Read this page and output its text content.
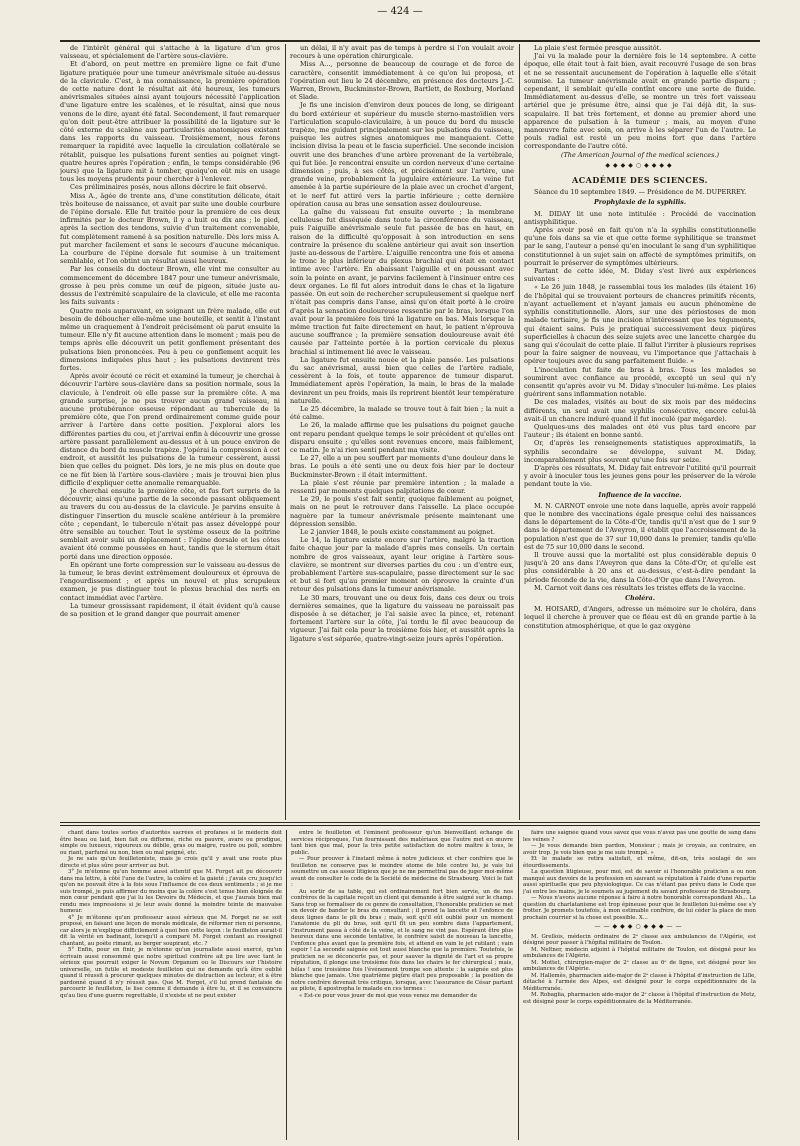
— 424 —

de l'intérêt général qui s'attache à la ligature d'un gros vaisseau, et spécialement de l'artère sous-clavière.

Et d'abord, on peut mettre en première ligne ce fait d'une ligature pratiquée pour une tumeur anévrismale située au-dessus de la clavicule. C'est, à ma connaissance, la première opération de cette nature dont le résultat ait été heureux, les tumeurs anévrismales situées ainsi ayant toujours nécessité l'application d'une ligature entre les scalènes, et le résultat, ainsi que nous venons de le dire, ayant été fatal. Secondement, il faut remarquer qu'on doit peut-être attribuer la possibilité de la ligature sur le côté externe du scalène aux particularités anatomiques existant dans les rapports du vaisseau. Troisièmement, nous ferons remarquer la rapidité avec laquelle la circulation collatérale se rétablit, puisque les pulsations furent senties au poignet vingt-quatre heures après l'opération ; enfin, le temps considérable (96 jours) que la ligature mit à tomber, quoiqu'on eût mis en usage tous les moyens prudents pour chercher à l'enlever.

Ces préliminaires posés, nous allons décrire le fait observé.

Miss A., âgée de trente ans, d'une constitution délicate, était très boiteuse de naissance, et avait par suite une double courbure de l'épine dorsale. Elle fut traitée pour la première de ces deux infirmités par le docteur Brown, il y a huit ou dix ans ; le pied, après la section des tendons, suivie d'un traitement convenable, fut complètement ramené à sa position naturelle. Dès lors miss A. put marcher facilement et sans le secours d'aucune mécanique. La courbure de l'épine dorsale fut soumise à un traitement semblable, et l'on obtint un résultat aussi heureux.

Par les conseils du docteur Brown, elle vint me consulter au commencement de décembre 1847 pour une tumeur anévrismale, grosse à peu près comme un œuf de pigeon, située juste au-dessus de l'extrémité scapulaire de la clavicule, et elle me raconta les faits suivants :

Quatre mois auparavant, en soignant un frère malade, elle eut besoin de déboucher elle-même une bouteille, et sentit à l'instant même un craquement à l'endroit précisément où parut ensuite la tumeur. Elle n'y fit aucune attention dans le moment ; mais peu de temps après elle découvrit un petit gonflement présentant des pulsations bien prononcées. Peu à peu ce gonflement acquit les dimensions indiquées plus haut ; les pulsations devinrent très fortes.

Après avoir écouté ce récit et examiné la tumeur, je cherchai à découvrir l'artère sous-clavière dans sa position normale, sous la clavicule, à l'endroit où elle passe sur la première côte. A ma grande surprise, je ne pus trouver aucun grand vaisseau, ni aucune protubérance osseuse répondant au tubercule de la première côte, que l'on prend ordinairement comme guide pour arriver à l'artère dans cette position. J'explorai alors les différentes parties du cou, et j'arrivai enfin à découvrir une grosse artère passant parallèlement au-dessus et à un pouce environ de distance du bord du muscle trapèze. J'opérai la compression à cet endroit, et aussitôt les pulsations de la tumeur cessèrent, aussi bien que celles du poignet. Dès lors, je ne mis plus en doute que ce ne fût bien là l'artère sous-clavière ; mais je trouvai bien plus difficile d'expliquer cette anomalie remarquable.

Je cherchai ensuite la première côte, et fus fort surpris de la découvrir, ainsi qu'une partie de la seconde passant obliquement au travers du cou au-dessus de la clavicule. Je parvins ensuite à distinguer l'insertion du muscle scalène antérieur à la première côte ; cependant, le tubercule n'était pas assez développé pour être sensible au toucher. Tout le système osseux de la poitrine semblait avoir subi un déplacement : l'épine dorsale et les côtes avaient été comme poussées en haut, tandis que le sternum était porté dans une direction opposée.

En opérant une forte compression sur le vaisseau au-dessus de la tumeur, le bras devint extrêmement douloureux et éprouva de l'engourdissement ; et après un nouvel et plus scrupuleux examen, je pus distinguer tout le plexus brachial des nerfs en contact immédiat avec l'artère.

La tumeur grossissant rapidement, il était évident qu'à cause de sa position et le grand danger que pourrait amener

un délai, il n'y avait pas de temps à perdre si l'on voulait avoir recours à une opération chirurgicale.

Miss A..., personne de beaucoup de courage et de force de caractère, consentit immédiatement à ce qu'on lui proposa, et l'opération eut lieu le 24 décembre, en présence des docteurs J.-C. Warren, Brown, Buckminster-Brown, Bartlett, de Roxburg, Morland et Slade.

Je fis une incision d'environ deux pouces de long, se dirigeant du bord extérieur et supérieur du muscle sterno-mastoïdien vers l'articulation scapulo-claviculaire, à un pouce du bord du muscle trapèze, me guidant principalement sur les pulsations du vaisseau, puisque les autres signes anatomiques me manquaient. Cette incision divisa la peau et le fascia superficiel. Une seconde incision ouvrit une des branches d'une artère provenant de la vertébrale, qui fut liée. Je rencontrai ensuite un cordon nerveux d'une certaine dimension ; puis, à ses côtés, et précisément sur l'artère, une grande veine, probablement la jugulaire extérieure. La veine fut amenée à la partie supérieure de la plaie avec un crochet d'argent, et le nerf fut attiré vers la partie inférieure ; cette dernière opération causa au bras une sensation assez douloureuse.

La gaîne du vaisseau fut ensuite ouverte ; la membrane celluleuse fut disséquée dans toute la circonférence du vaisseau, puis l'aiguille anévrismale seule fut passée de bas en haut, en raison de la difficulté qu'opposait à son introduction en sens contraire la présence du scalène antérieur qui avait son insertion juste au-dessous de l'artère. L'aiguille rencontra une fois et amena le tronc le plus inférieur du plexus brachial qui était en contact intime avec l'artère. En abaissant l'aiguille et en poussant avec soin la pointe en avant, je parvins facilement à l'insinuer entre ces deux organes. Le fil fut alors introduit dans le chas et la ligature passée. On eut soin de rechercher scrupuleusement si quelque nerf n'était pas compris dans l'anse, ainsi qu'on était porté à le croire d'après la sensation douloureuse ressentie par le bras, lorsque l'on avait pour la première fois tiré la ligature en bas. Mais lorsque la même traction fut faite directement en haut, le patient n'éprouva aucune souffrance ; la première sensation douloureuse avait été causée par l'atteinte portée à la portion cervicale du plexus brachial si intimement lié avec le vaisseau.

La ligature fut ensuite nouée et la plaie pansée. Les pulsations du sac anévrismal, aussi bien que celles de l'artère radiale, cessèrent à la fois, et toute apparence de tumeur disparut. Immédiatement après l'opération, la main, le bras de la malade devinrent un peu froids, mais ils reprirent bientôt leur température naturelle.

Le 25 décembre, la malade se trouve tout à fait bien ; la nuit a été calme.

Le 26, la malade affirme que les pulsations du poignet gauche ont reparu pendant quelque temps le soir précédent et qu'elles ont disparu ensuite ; qu'elles sont revenues encore, mais faiblement, ce matin. Je n'ai rien senti pendant ma visite.

Le 27, elle a un peu souffert par moments d'une douleur dans le bras. Le pouls a été senti une ou deux fois hier par le docteur Buckminster-Brown : il était intermittent.

La plaie s'est réunie par première intention ; la malade a ressenti par moments quelques palpitations de cœur.

Le 29, le pouls s'est fait sentir, quoique faiblement au poignet, mais on ne peut le retrouver dans l'aisselle. La place occupée naguère par la tumeur anévrismale présente maintenant une dépression sensible.

Le 2 janvier 1848, le pouls existe constamment au poignet.

Le 14, la ligature existe encore sur l'artère, malgré la traction faite chaque jour par la malade d'après mes conseils. Un certain nombre de gros vaisseaux, ayant leur origine à l'artère sous-clavière, se montrent sur diverses parties du cou : un d'entre eux, probablement l'artère sus-scapulaire, passe directement sur le sac et but si fort qu'au premier moment on éprouve la crainte d'un retour des pulsations dans la tumeur anévrismale.

Le 30 mars, trouvant une ou deux fois, dans ces deux ou trois dernières semaines, que la ligature du vaisseau ne paraissait pas disposée à se détacher, je l'ai saisie avec la pince, et, retenant fortement l'artère sur la côte, j'ai tordu le fil avec beaucoup de vigueur. J'ai fait cela pour la troisième fois hier, et aussitôt après la ligature s'est séparée, quatre-vingt-seize jours après l'opération.

La plaie s'est fermée presque aussitôt.

J'ai vu la malade pour la dernière fois le 14 septembre. A cette époque, elle était tout à fait bien, avait recouvré l'usage de son bras et ne se ressentait aucunement de l'opération à laquelle elle s'était soumise. La tumeur anévrismale avait en grande partie disparu ; cependant, il semblait qu'elle contînt encore une sorte de fluide. Immédiatement au-dessus d'elle, se montre un très fort vaisseau artériel que je présume être, ainsi que je l'ai déjà dit, la sus-scapulaire. Il bat très fortement, et donne au premier abord une apparence de pulsation à la tumeur ; mais, au moyen d'une manœuvre faite avec soin, on arrive à les séparer l'un de l'autre. Le pouls radial est resté un peu moins fort que dans l'artère correspondante de l'autre côté.

(The American Journal of the medical sciences.)

◆◆◆◆○◆◆◆◆
ACADÉMIE DES SCIENCES.

Séance du 10 septembre 1849. — Présidence de M. DUPERREY.

Prophylaxie de la syphilis.

M. DIDAY lit une note intitulée : Procédé de vaccination antisyphilitique.

Après avoir posé en fait qu'on n'a la syphilis constitutionnelle qu'une fois dans sa vie et que cette forme syphilitique se transmet par le sang, l'auteur a pensé qu'en inoculant le sang d'un syphilitique constitutionnel à un sujet sain on affecté de symptômes primitifs, on pourrait le préserver de symptômes ultérieurs.

Partant de cette idée, M. Diday s'est livré aux expériences suivantes :

« Le 26 juin 1848, je rassemblai tous les malades (ils étaient 16) de l'hôpital qui se trouvaient porteurs de chancres primitifs récents, n'ayant actuellement et n'ayant jamais eu aucun phénomène de syphilis constitutionnelle. Alors, sur une des périostoses de mon malade tertiaire, je fis une incision n'intéressant que les téguments, qui étaient sains. Puis je pratiquai successivement deux piqûres superficielles à chacun des seize sujets avec une lancette chargée du sang qui s'écoulait de cette plaie. Il fallut l'irriter à plusieurs reprises pour la faire saigner de nouveau, vu l'importance que j'attachais à opérer toujours avec du sang parfaitement fluide. »

L'inoculation fut faite de bras à bras. Tous les malades se soumirent avec confiance au procédé, excepté un seul qui n'y consentit qu'après avoir vu M. Diday s'inoculer lui-même. Les plaies guérirent sans inflammation notable.

De ces malades, visités au bout de six mois par des médecins différents, un seul avait une syphilis consécutive, encore celui-là avait-il un chancre induré quand il fut inoculé (par mégarde).

Quelques-uns des malades ont été vus plus tard encore par l'auteur ; ils étaient en bonne santé.

Or, d'après les renseignements statistiques approximatifs, la syphilis secondaire se développe, suivant M. Diday, incomparablement plus souvent qu'une fois sur seize.

D'après ces résultats, M. Diday fait entrevoir l'utilité qu'il pourrait y avoir à inoculer tous les jeunes gens pour les préserver de la vérole pendant toute la vie.

Influence de la vaccine.

M. N. CARNOT envoie une note dans laquelle, après avoir rappelé que le nombre des vaccinations égale presque celui des naissances dans le département de la Côte-d'Or, tandis qu'il n'est que de 1 sur 9 dans le département de l'Aveyron, il établit que l'accroissement de la population n'est que de 37 sur 10,000 dans le premier, tandis qu'elle est de 75 sur 10,000 dans le second.

Il trouve aussi que la mortalité est plus considérable depuis 0 jusqu'à 20 ans dans l'Aveyron que dans la Côte-d'Or, et qu'elle est plus considérable à 20 ans et au-dessus, c'est-à-dire pendant la période féconde de la vie, dans la Côte-d'Or que dans l'Aveyron.

M. Carnot voit dans ces résultats les tristes effets de la vaccine.

Choléra.

M. HOISARD, d'Angers, adresse un mémoire sur le choléra, dans lequel il cherche à prouver que ce fléau est dû en grande partie à la constitution atmosphérique, et que le gaz oxygène

chant dans toutes sortes d'autorités sacrées et profanes si le médecin doit être beau ou laid, bien fait ou difforme, riche ou pauvre, avare ou prodigue, simple ou luxueux, vigoureux ou débile, gras ou maigre, rustre ou poli, sombre ou riant, parfumé ou non, bien ou mal peigné, etc.

Je ne sais qu'un feuilletoniste, mais je crois qu'il y avait une route plus directe et plus sûre pour arriver au but.

3° Je m'étonne qu'un homme aussi attentif que M. Forget ait pu découvrir dans ma lettre, à côté l'une de l'autre, la colère et la gaieté ; j'avais cru jusqu'ici qu'on ne pouvait être à la fois sous l'influence de ces deux sentiments ; si je me suis trompé, je puis affirmer du moins que la colère s'est tenue bien éloignée de mon cœur pendant que j'ai lu les Devoirs du Médecin, et que j'aurais bien mal rendu mes impressions si je leur avais donné la moindre teinte de mauvaise humeur.

4° Je m'étonne qu'un professeur aussi sérieux que M. Forget ne se soit proposé, en faisant une leçon de morale médicale, de réformer rien ni personne, car alors je m'explique difficilement à quoi bon cette leçon : le feuilleton aurait-il dit la vérité en badinant, lorsqu'il a comparé M. Forget contant au rossignol chantant, au poète rimant, au berger soupirant, etc. ?

5° Enfin, pour en finir, je m'étonne qu'un journaliste aussi exercé, qu'un écrivain aussi consommé que notre spirituel confrère ait pu lire avec tant le sérieux que pourrait exiger le Novum Organum ou le Discours sur l'histoire universelle, un futile et modeste feuilleton qui ne demande qu'à être oublié quand il réussit à procurer quelques minutes de distraction au lecteur, et à être pardonné quand il n'y réussit pas. Que M. Forget, s'il lui prend fantaisie de parcourir le feuilleton, le lise comme il demande à être lu, et il se convaincra qu'au lieu d'une guerre regrettable, il n'existe et ne peut exister

entre le feuilleton et l'éminent professeur qu'un bienveillant échange de services réciproques, l'un fournissant des matériaux que l'autre met en œuvre tant bien que mal, pour la très petite satisfaction de notre maître à tous, le public.

— Pour prouver à l'instant même à notre judicieux et cher confrère que le feuilleton ne conserve pas le moindre atome de bile contre lui, je vais lui soumettre un cas assez litigieux que je ne me permettrai pas de juger moi-même avant de consulter le code de la Société de médecine de Strasbourg. Voici le fait :

Au sortir de sa table, qui est ordinairement fort bien servie, un de nos confrères de la capitale reçoit un client qui demande à être saigné sur le champ. Sans trop se formaliser de ce genre de consultation, l'honorable praticien se met en devoir de bander le bras du consultant ; il prend la lancette et l'enfonce de deux lignes dans le pli du bras ; mais, soit qu'il eût oublié pour un moment l'anatomie du pli du bras, soit qu'il fît un peu sombre dans l'appartement, l'instrument passa à côté de la veine, et le sang ne vint pas. Espérant être plus heureux dans une seconde tentative, le confrère saisit de nouveau la lancette, l'enfonce plus avant que la première fois, et attend en vain le jet rutilant ; vain espoir ! La seconde saignée est tout aussi blanche que la première. Toutefois, le praticien ne se déconcerte pas, et pour sauver la dignité de l'art et sa propre réputation, il plonge une troisième fois dans les chairs le fer chirurgical ; mais, hélas ! une troisième fois l'événement trompe son attente : la saignée est plus blanche que jamais. Une quatrième piqûre était peu proposable ; la position de notre confrère devenait très critique, lorsque, avec l'assurance de César partant au pilote, il apostropha le malade en ces termes :

« Est-ce pour vous jouer de moi que vous venez me demander de

faire une saignée quand vous savez que vous n'avez pas une goutte de sang dans les veines ?

— Je vous demande bien pardon, Monsieur ; mais je croyais, au contraire, en avoir trop. Je vois bien que je me suis trompé. »

Et le malade se retira satisfait, et même, dit-on, très soulagé de ses étourdissements.

La question litigieuse, pour moi, est de savoir si l'honorable praticien a ou non manqué aux devoirs de la profession en sauvant sa réputation à l'aide d'une repartie aussi spirituelle que peu physiologique. Ce cas n'étant pas prévu dans le Code que j'ai entre les mains, je le soumets au jugement du savant professeur de Strasbourg.

— Nous n'avons aucune réponse à faire à notre honorable correspondant Ab... La question du charlatanisme est trop épineuse pour que le feuilleton lui-même ose s'y frotter. Je promets toutefois, à mon estimable confrère, de lui céder la place de mon prochain courrier si la chose est possible. X...

——◆◆◆○◆◆◆——

M. Grellois, médecin ordinaire de 2ᵉ classe aux ambulances de l'Algérie, est désigné pour passer à l'hôpital militaire de Toulon.

M. Neltner, médecin adjoint à l'hôpital militaire de Toulon, est désigné pour les ambulances de l'Algérie.

M. Mottet, chirurgien-major de 2ᵉ classe au 6ᵉ de ligne, est désigné pour les ambulances de l'Algérie.

M. Hallemès, pharmacien aide-major de 2ᵉ classe à l'hôpital d'instruction de Lille, détaché à l'armée des Alpes, est désigné pour le corps expéditionnaire de la Méditerranée.

M. Robaglia, pharmacien aide-major de 2ᵉ classe à l'hôpital d'instruction de Metz, est désigné pour le corps expéditionnaire de la Méditerranée.
